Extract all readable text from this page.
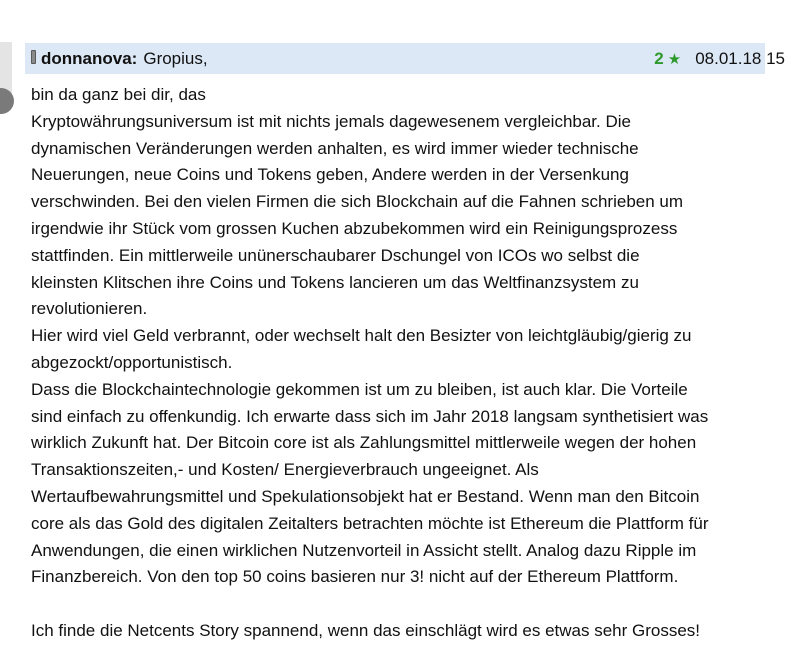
donnanova: Gropius,	2 ★ 08.01.18 15

bin da ganz bei dir, das
Kryptowährungsuniversum ist mit nichts jemals dagewesenem vergleichbar. Die
dynamischen Veränderungen werden anhalten, es wird immer wieder technische
Neuerungen, neue Coins und Tokens geben, Andere werden in der Versenkung
verschwinden. Bei den vielen Firmen die sich Blockchain auf die Fahnen schrieben um
irgendwie ihr Stück vom grossen Kuchen abzubekommen wird ein Reinigungsprozess
stattfinden. Ein mittlerweile unünerschaubarer Dschungel von ICOs wo selbst die
kleinsten Klitschen ihre Coins und Tokens lancieren um das Weltfinanzsystem zu
revolutionieren.
Hier wird viel Geld verbrannt, oder wechselt halt den Besizter von leichtgläubig/gierig zu
abgezockt/opportunistisch.
Dass die Blockchaintechnologie gekommen ist um zu bleiben, ist auch klar. Die Vorteile
sind einfach zu offenkundig. Ich erwarte dass sich im Jahr 2018 langsam synthetisiert was
wirklich Zukunft hat. Der Bitcoin core ist als Zahlungsmittel mittlerweile wegen der hohen
Transaktionszeiten,- und Kosten/ Energieverbrauch ungeeignet. Als
Wertaufbewahrungsmittel und Spekulationsobjekt hat er Bestand. Wenn man den Bitcoin
core als das Gold des digitalen Zeitalters betrachten möchte ist Ethereum die Plattform für
Anwendungen, die einen wirklichen Nutzenvorteil in Assicht stellt. Analog dazu Ripple im
Finanzbereich. Von den top 50 coins basieren nur 3! nicht auf der Ethereum Plattform.

Ich finde die Netcents Story spannend, wenn das einschlägt wird es etwas sehr Grosses!
